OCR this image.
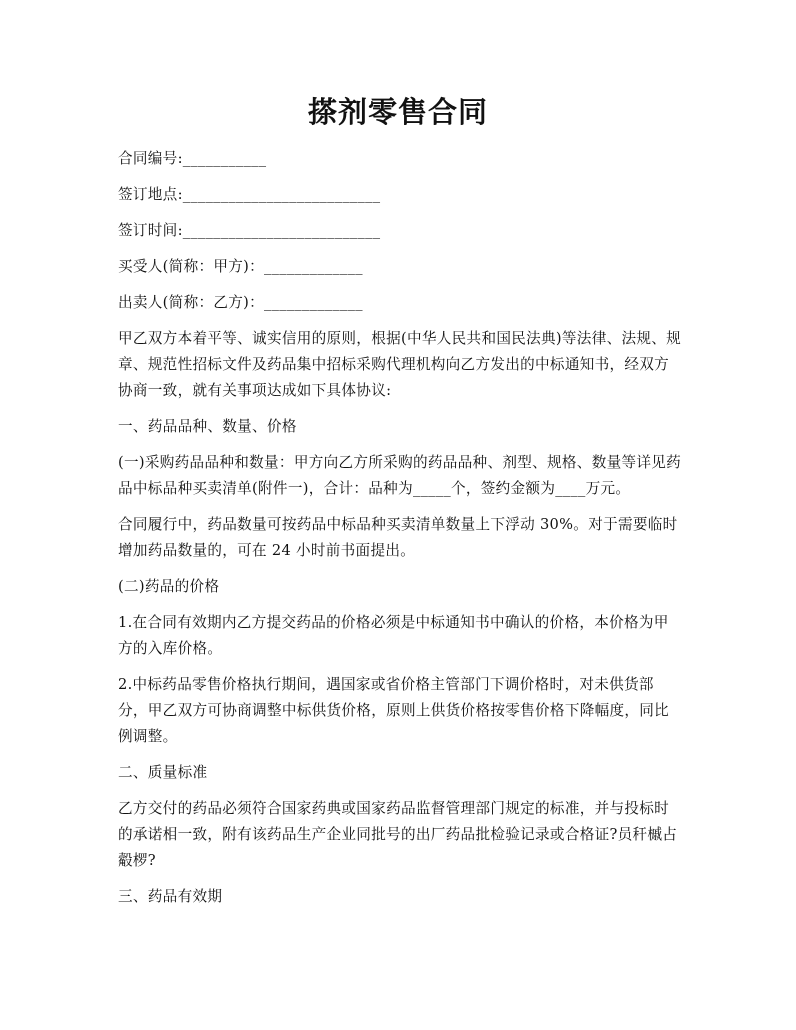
搽剂零售合同

合同编号:___________

签订地点:__________________________

签订时间:__________________________

买受人(简称：甲方)：_____________

出卖人(简称：乙方)：_____________

甲乙双方本着平等、诚实信用的原则，根据(中华人民共和国民法典)等法律、法规、规章、规范性招标文件及药品集中招标采购代理机构向乙方发出的中标通知书，经双方协商一致，就有关事项达成如下具体协议:

一、药品品种、数量、价格

(一)采购药品品种和数量：甲方向乙方所采购的药品品种、剂型、规格、数量等详见药品中标品种买卖清单(附件一)，合计：品种为_____个，签约金额为____万元。

合同履行中，药品数量可按药品中标品种买卖清单数量上下浮动 30%。对于需要临时增加药品数量的，可在 24 小时前书面提出。

(二)药品的价格

1.在合同有效期内乙方提交药品的价格必须是中标通知书中确认的价格，本价格为甲方的入库价格。

2.中标药品零售价格执行期间，遇国家或省价格主管部门下调价格时，对未供货部分，甲乙双方可协商调整中标供货价格，原则上供货价格按零售价格下降幅度，同比例调整。

二、质量标准

乙方交付的药品必须符合国家药典或国家药品监督管理部门规定的标准，并与投标时的承诺相一致，附有该药品生产企业同批号的出厂药品批检验记录或合格证?员秆槭占觳椤?

三、药品有效期
